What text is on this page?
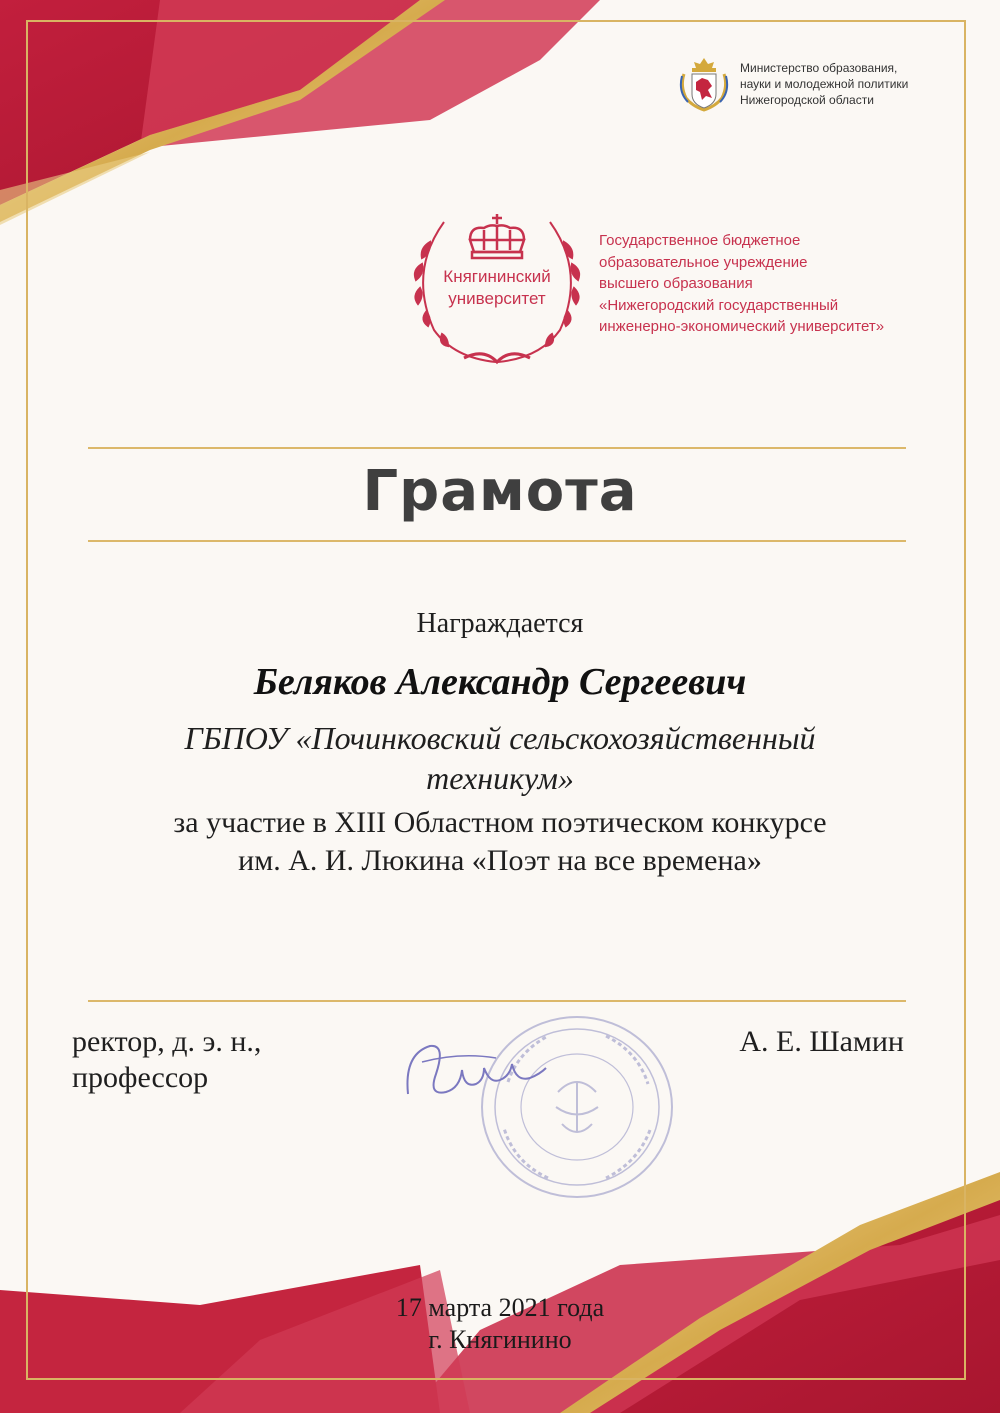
Министерство образования,
науки и молодежной политики
Нижегородской области
Княгининский
университет
Государственное бюджетное
образовательное учреждение
высшего образования
«Нижегородский государственный
инженерно-экономический университет»
Грамота
Награждается
Беляков Александр Сергеевич
ГБПОУ «Починковский сельскохозяйственный
техникум»
за участие в XIII Областном поэтическом конкурсе
им. А. И. Люкина «Поэт на все времена»
ректор, д. э. н.,
профессор
А. Е. Шамин
17 марта 2021 года
г. Княгинино
